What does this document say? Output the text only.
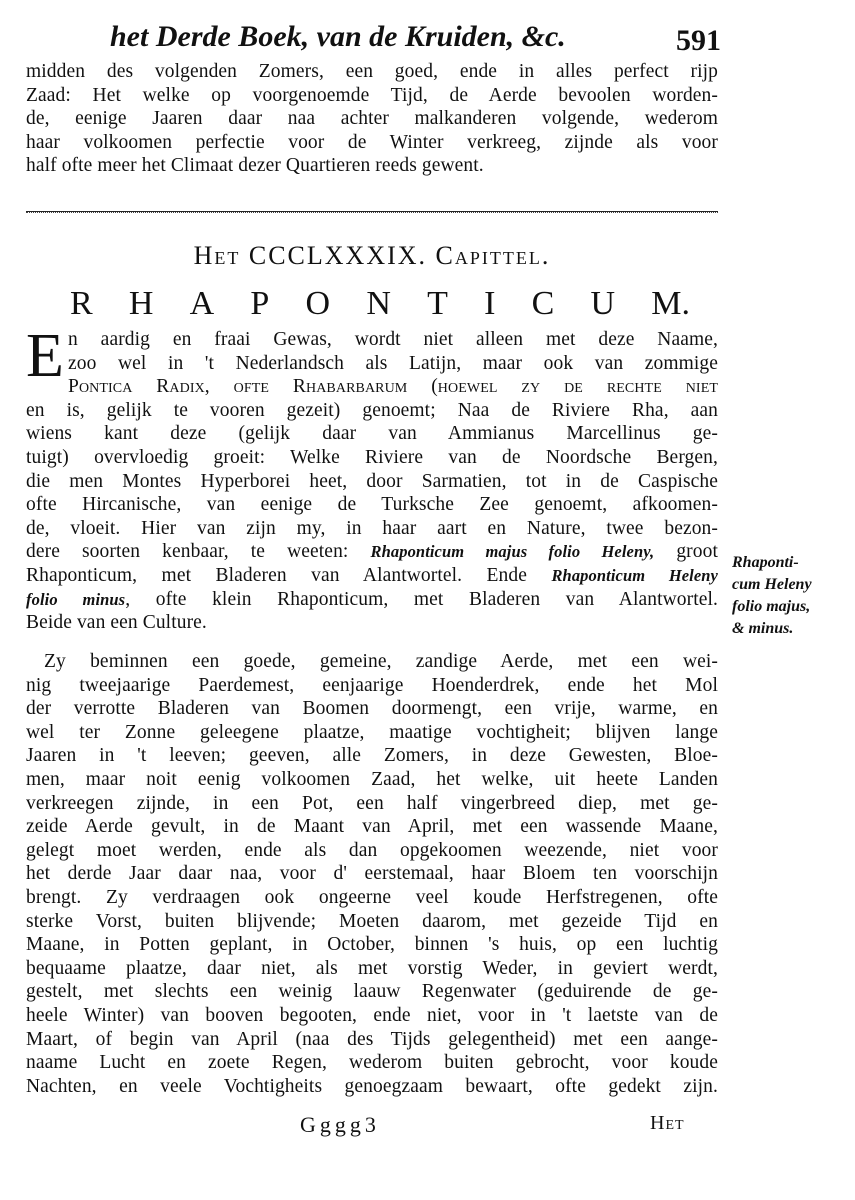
het Derde Boek, van de Kruiden, &c.	591
midden des volgenden Zomers, een goed, ende in alles perfect rijp
Zaad: Het welke op voorgenoemde Tijd, de Aerde bevoolen worden-
de, eenige Jaaren daar naa achter malkanderen volgende, wederom
haar volkoomen perfectie voor de Winter verkreeg, zijnde als voor
half ofte meer het Climaat dezer Quartieren reeds gewent.
Het CCCLXXXIX. Capittel.
R H A P O N T I C U M.
E n aardig en fraai Gewas, wordt niet alleen met deze Naame,
zoo wel in 't Nederlandsch als Latijn, maar ook van zommige
Pontica Radix, ofte Rhabarbarum (hoewel zy de rechte niet
en is, gelijk te vooren gezeit) genoemt; Naa de Riviere Rha, aan
wiens kant deze (gelijk daar van Ammianus Marcellinus ge-
tuigt) overvloedig groeit: Welke Riviere van de Noordsche Bergen,
die men Montes Hyperborei heet, door Sarmatien, tot in de Caspische
ofte Hircanische, van eenige de Turksche Zee genoemt, afkoomen-
de, vloeit. Hier van zijn my, in haar aart en Nature, twee bezon-
dere soorten kenbaar, te weeten: Rhaponticum majus folio Heleny, groot
Rhaponticum, met Bladeren van Alantwortel. Ende Rhaponticum Heleny
folio minus, ofte klein Rhaponticum, met Bladeren van Alantwortel.
Beide van een Culture.
Rhaponti-
cum Heleny
folio majus,
& minus.
Zy beminnen een goede, gemeine, zandige Aerde, met een wei-
nig tweejaarige Paerdemest, eenjaarige Hoenderdrek, ende het Mol
der verrotte Bladeren van Boomen doormengt, een vrije, warme, en
wel ter Zonne geleegene plaatze, maatige vochtigheit; blijven lange
Jaaren in 't leeven; geeven, alle Zomers, in deze Gewesten, Bloe-
men, maar noit eenig volkoomen Zaad, het welke, uit heete Landen
verkreegen zijnde, in een Pot, een half vingerbreed diep, met ge-
zeide Aerde gevult, in de Maant van April, met een wassende Maane,
gelegt moet werden, ende als dan opgekoomen weezende, niet voor
het derde Jaar daar naa, voor d' eerstemaal, haar Bloem ten voorschijn
brengt. Zy verdraagen ook ongeerne veel koude Herfstregenen, ofte
sterke Vorst, buiten blijvende; Moeten daarom, met gezeide Tijd en
Maane, in Potten geplant, in October, binnen 's huis, op een luchtig
bequaame plaatze, daar niet, als met vorstig Weder, in geviert werdt,
gestelt, met slechts een weinig laauw Regenwater (geduirende de ge-
heele Winter) van booven begooten, ende niet, voor in 't laetste van de
Maart, of begin van April (naa des Tijds gelegentheid) met een aange-
naame Lucht en zoete Regen, wederom buiten gebrocht, voor koude
Nachten, en veele Vochtigheits genoegzaam bewaart, ofte gedekt zijn.
Gggg3	Het
